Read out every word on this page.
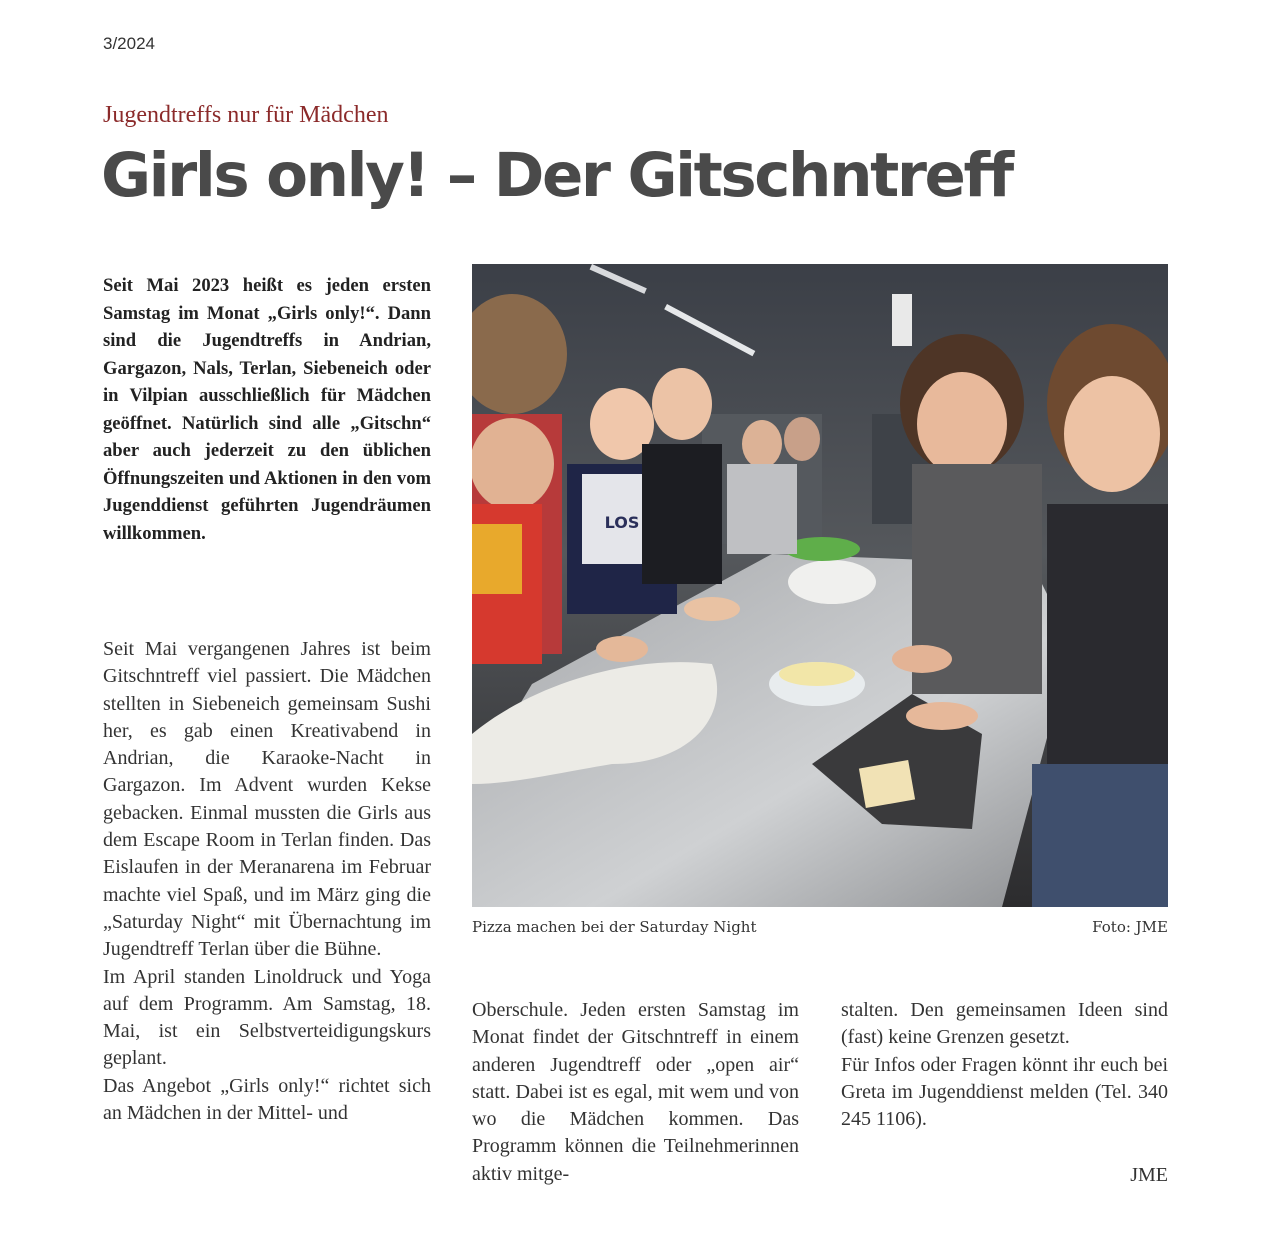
3/2024
Jugendtreffs nur für Mädchen
Girls only! – Der Gitschntreff

Seit Mai 2023 heißt es jeden ersten Samstag im Monat „Girls only!“. Dann sind die Jugendtreffs in Andrian, Gargazon, Nals, Terlan, Siebeneich oder in Vilpian ausschließlich für Mädchen geöffnet. Natürlich sind alle „Gitschn“ aber auch jederzeit zu den üblichen Öffnungszeiten und Aktionen in den vom Jugenddienst geführten Jugendräumen willkommen.

Seit Mai vergangenen Jahres ist beim Gitschntreff viel passiert. Die Mädchen stellten in Siebeneich gemeinsam Sushi her, es gab einen Kreativabend in Andrian, die Karaoke-Nacht in Gargazon. Im Advent wurden Kekse gebacken. Einmal mussten die Girls aus dem Escape Room in Terlan finden. Das Eislaufen in der Meranarena im Februar machte viel Spaß, und im März ging die „Saturday Night“ mit Übernachtung im Jugendtreff Terlan über die Bühne.

Im April standen Linoldruck und Yoga auf dem Programm. Am Samstag, 18. Mai, ist ein Selbstverteidigungskurs geplant.

Das Angebot „Girls only!“ richtet sich an Mädchen in der Mittel- und

Oberschule. Jeden ersten Samstag im Monat findet der Gitschntreff in einem anderen Jugendtreff oder „open air“ statt. Dabei ist es egal, mit wem und von wo die Mädchen kommen. Das Programm können die Teilnehmerinnen aktiv mitge-

stalten. Den gemeinsamen Ideen sind (fast) keine Grenzen gesetzt.

Für Infos oder Fragen könnt ihr euch bei Greta im Jugenddienst melden (Tel. 340 245 1106).

JME
LOS
Pizza machen bei der Saturday Night	Foto: JME
